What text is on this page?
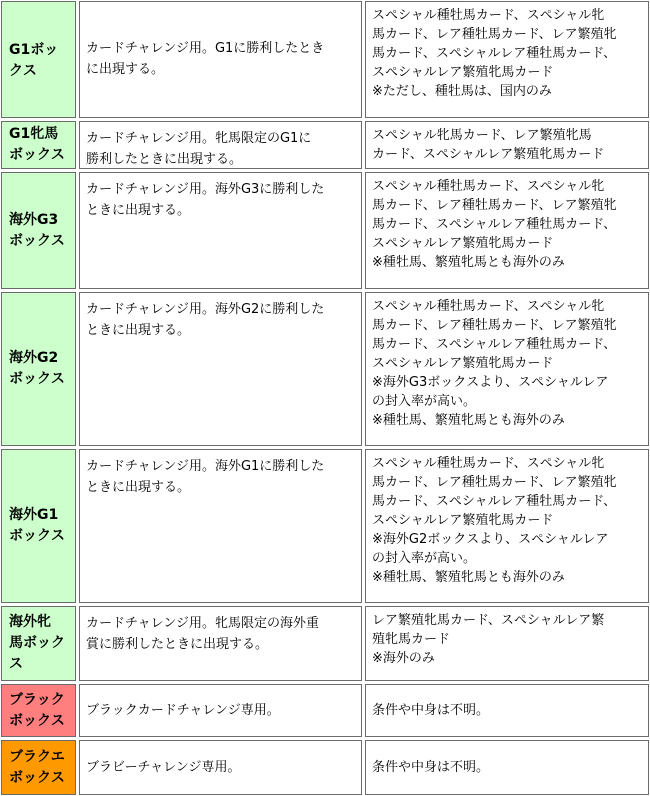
G1ボッ
クス
カードチャレンジ用。G1に勝利したとき
に出現する。
スペシャル種牡馬カード、スペシャル牝
馬カード、レア種牡馬カード、レア繁殖牝
馬カード、スペシャルレア種牡馬カード、
スペシャルレア繁殖牝馬カード
※ただし、種牡馬は、国内のみ
G1牝馬
ボックス
カードチャレンジ用。牝馬限定のG1に
勝利したときに出現する。
スペシャル牝馬カード、レア繁殖牝馬
カード、スペシャルレア繁殖牝馬カード
海外G3
ボックス
カードチャレンジ用。海外G3に勝利した
ときに出現する。
スペシャル種牡馬カード、スペシャル牝
馬カード、レア種牡馬カード、レア繁殖牝
馬カード、スペシャルレア種牡馬カード、
スペシャルレア繁殖牝馬カード
※種牡馬、繁殖牝馬とも海外のみ
海外G2
ボックス
カードチャレンジ用。海外G2に勝利した
ときに出現する。
スペシャル種牡馬カード、スペシャル牝
馬カード、レア種牡馬カード、レア繁殖牝
馬カード、スペシャルレア種牡馬カード、
スペシャルレア繁殖牝馬カード
※海外G3ボックスより、スペシャルレア
の封入率が高い。
※種牡馬、繁殖牝馬とも海外のみ
海外G1
ボックス
カードチャレンジ用。海外G1に勝利した
ときに出現する。
スペシャル種牡馬カード、スペシャル牝
馬カード、レア種牡馬カード、レア繁殖牝
馬カード、スペシャルレア種牡馬カード、
スペシャルレア繁殖牝馬カード
※海外G2ボックスより、スペシャルレア
の封入率が高い。
※種牡馬、繁殖牝馬とも海外のみ
海外牝
馬ボック
ス
カードチャレンジ用。牝馬限定の海外重
賞に勝利したときに出現する。
レア繁殖牝馬カード、スペシャルレア繁
殖牝馬カード
※海外のみ
ブラック
ボックス
ブラックカードチャレンジ専用。	条件や中身は不明。
ブラクエ
ボックス
ブラビーチャレンジ専用。	条件や中身は不明。
